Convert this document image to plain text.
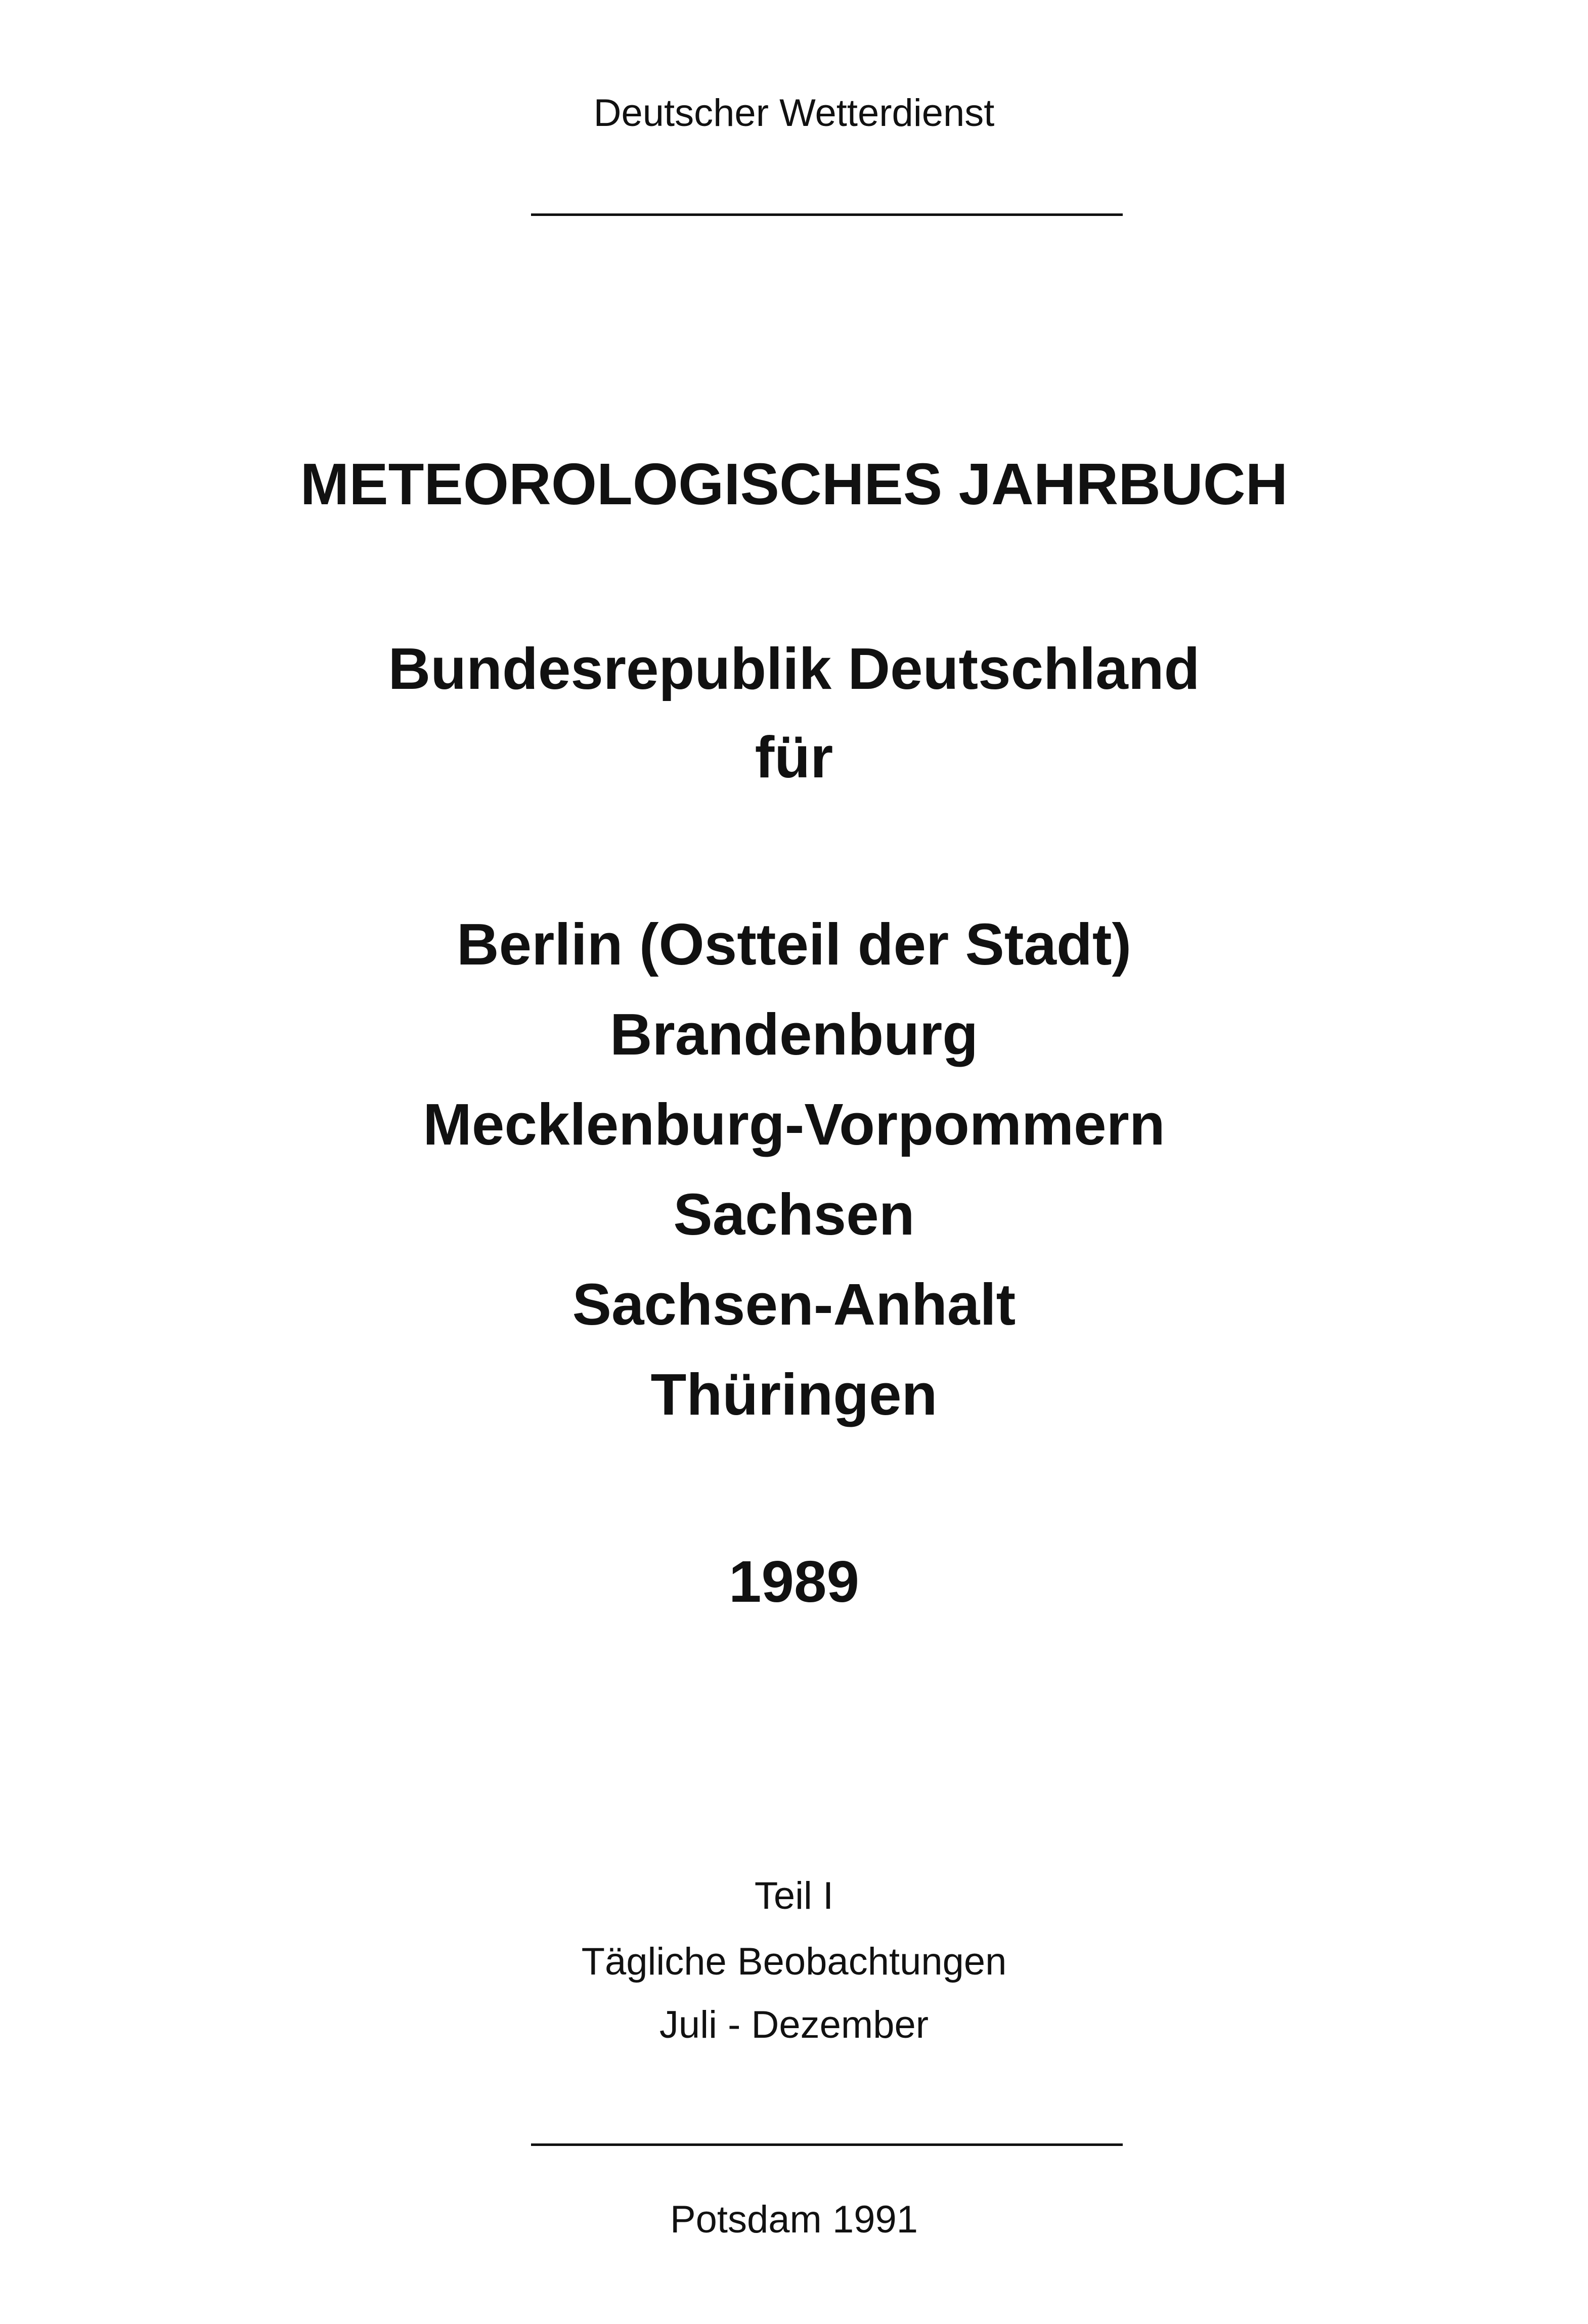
Deutscher Wetterdienst
METEOROLOGISCHES JAHRBUCH
Bundesrepublik Deutschland
für
Berlin (Ostteil der Stadt)
Brandenburg
Mecklenburg-Vorpommern
Sachsen
Sachsen-Anhalt
Thüringen
1989
Teil I
Tägliche Beobachtungen
Juli - Dezember
Potsdam 1991
